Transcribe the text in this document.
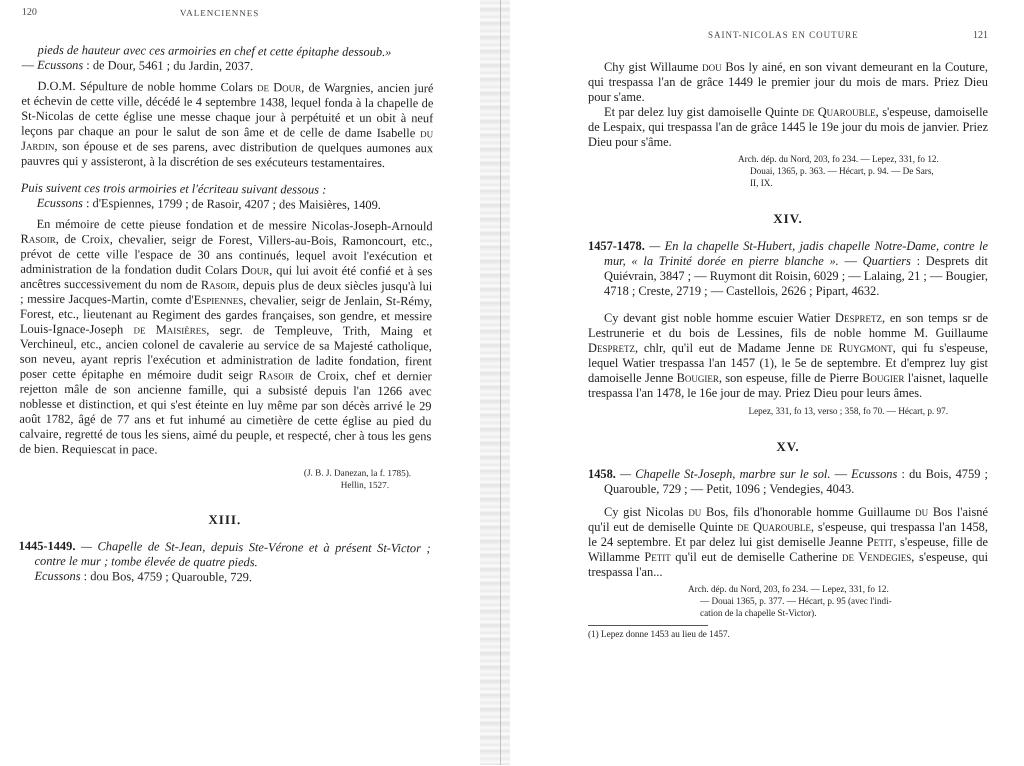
120	VALENCIENNES

pieds de hauteur avec ces armoiries en chef et cette épitaphe dessoub.»
— Ecussons : de Dour, 5461 ; du Jardin, 2037.

D.O.M. Sépulture de noble homme Colars de Dour, de Wargnies, ancien juré et échevin de cette ville, décédé le 4 septembre 1438, lequel fonda à la chapelle de St-Nicolas de cette église une messe chaque jour à perpétuité et un obit à neuf leçons par chaque an pour le salut de son âme et de celle de dame Isabelle du Jardin, son épouse et de ses parens, avec distribution de quelques aumones aux pauvres qui y assisteront, à la discrétion de ses exécuteurs testamentaires.

Puis suivent ces trois armoiries et l'écriteau suivant dessous :

Ecussons : d'Espiennes, 1799 ; de Rasoir, 4207 ; des Maisières, 1409.

En mémoire de cette pieuse fondation et de messire Nicolas-Joseph-Arnould Rasoir, de Croix, chevalier, seigr de Forest, Villers-au-Bois, Ramoncourt, etc., prévot de cette ville l'espace de 30 ans continués, lequel avoit l'exécution et administration de la fondation dudit Colars Dour, qui lui avoit été confié et à ses ancêtres successivement du nom de Rasoir, depuis plus de deux siècles jusqu'à lui ; messire Jacques-Martin, comte d'Espiennes, chevalier, seigr de Jenlain, St-Rémy, Forest, etc., lieutenant au Regiment des gardes françaises, son gendre, et messire Louis-Ignace-Joseph de Maisières, segr. de Templeuve, Trith, Maing et Verchineul, etc., ancien colonel de cavalerie au service de sa Majesté catholique, son neveu, ayant repris l'exécution et administration de ladite fondation, firent poser cette épitaphe en mémoire dudit seigr Rasoir de Croix, chef et dernier rejetton mâle de son ancienne famille, qui a subsisté depuis l'an 1266 avec noblesse et distinction, et qui s'est éteinte en luy même par son décès arrivé le 29 août 1782, âgé de 77 ans et fut inhumé au cimetière de cette église au pied du calvaire, regretté de tous les siens, aimé du peuple, et respecté, cher à tous les gens de bien. Requiescat in pace.

(J. B. J. Danezan, la f. 1785).
Hellin, 1527.
XIII.

1445-1449. — Chapelle de St-Jean, depuis Ste-Vérone et à présent St-Victor ; contre le mur ; tombe élevée de quatre pieds.
Ecussons : dou Bos, 4759 ; Quarouble, 729.

SAINT-NICOLAS EN COUTURE	121

Chy gist Willaume dou Bos ly ainé, en son vivant demeurant en la Couture, qui trespassa l'an de grâce 1449 le premier jour du mois de mars. Priez Dieu pour s'ame.

Et par delez luy gist damoiselle Quinte de Quarouble, s'espeuse, damoiselle de Lespaix, qui trespassa l'an de grâce 1445 le 19e jour du mois de janvier. Priez Dieu pour s'âme.

Arch. dép. du Nord, 203, fo 234. — Lepez, 331, fo 12.
Douai, 1365, p. 363. — Hécart, p. 94. — De Sars,
II, IX.
XIV.

1457-1478. — En la chapelle St-Hubert, jadis chapelle Notre-Dame, contre le mur, « la Trinité dorée en pierre blanche ». — Quartiers : Desprets dit Quiévrain, 3847 ; — Ruymont dit Roisin, 6029 ; — Lalaing, 21 ; — Bougier, 4718 ; Creste, 2719 ; — Castellois, 2626 ; Pipart, 4632.

Cy devant gist noble homme escuier Watier Despretz, en son temps sr de Lestrunerie et du bois de Lessines, fils de noble homme M. Guillaume Despretz, chlr, qu'il eut de Madame Jenne de Ruygmont, qui fu s'espeuse, lequel Watier trespassa l'an 1457 (1), le 5e de septembre. Et d'emprez luy gist damoiselle Jenne Bougier, son espeuse, fille de Pierre Bougier l'aisnet, laquelle trespassa l'an 1478, le 16e jour de may. Priez Dieu pour leurs âmes.

Lepez, 331, fo 13, verso ; 358, fo 70. — Hécart, p. 97.
XV.

1458. — Chapelle St-Joseph, marbre sur le sol. — Ecussons : du Bois, 4759 ; Quarouble, 729 ; — Petit, 1096 ; Vendegies, 4043.

Cy gist Nicolas du Bos, fils d'honorable homme Guillaume du Bos l'aisné qu'il eut de demiselle Quinte de Quarouble, s'espeuse, qui trespassa l'an 1458, le 24 septembre. Et par delez lui gist demiselle Jeanne Petit, s'espeuse, fille de Willamme Petit qu'il eut de demiselle Catherine de Vendegies, s'espeuse, qui trespassa l'an...

Arch. dép. du Nord, 203, fo 234. — Lepez, 331, fo 12.
— Douai 1365, p. 377. — Hécart, p. 95 (avec l'indi-
cation de la chapelle St-Victor).
(1) Lepez donne 1453 au lieu de 1457.
